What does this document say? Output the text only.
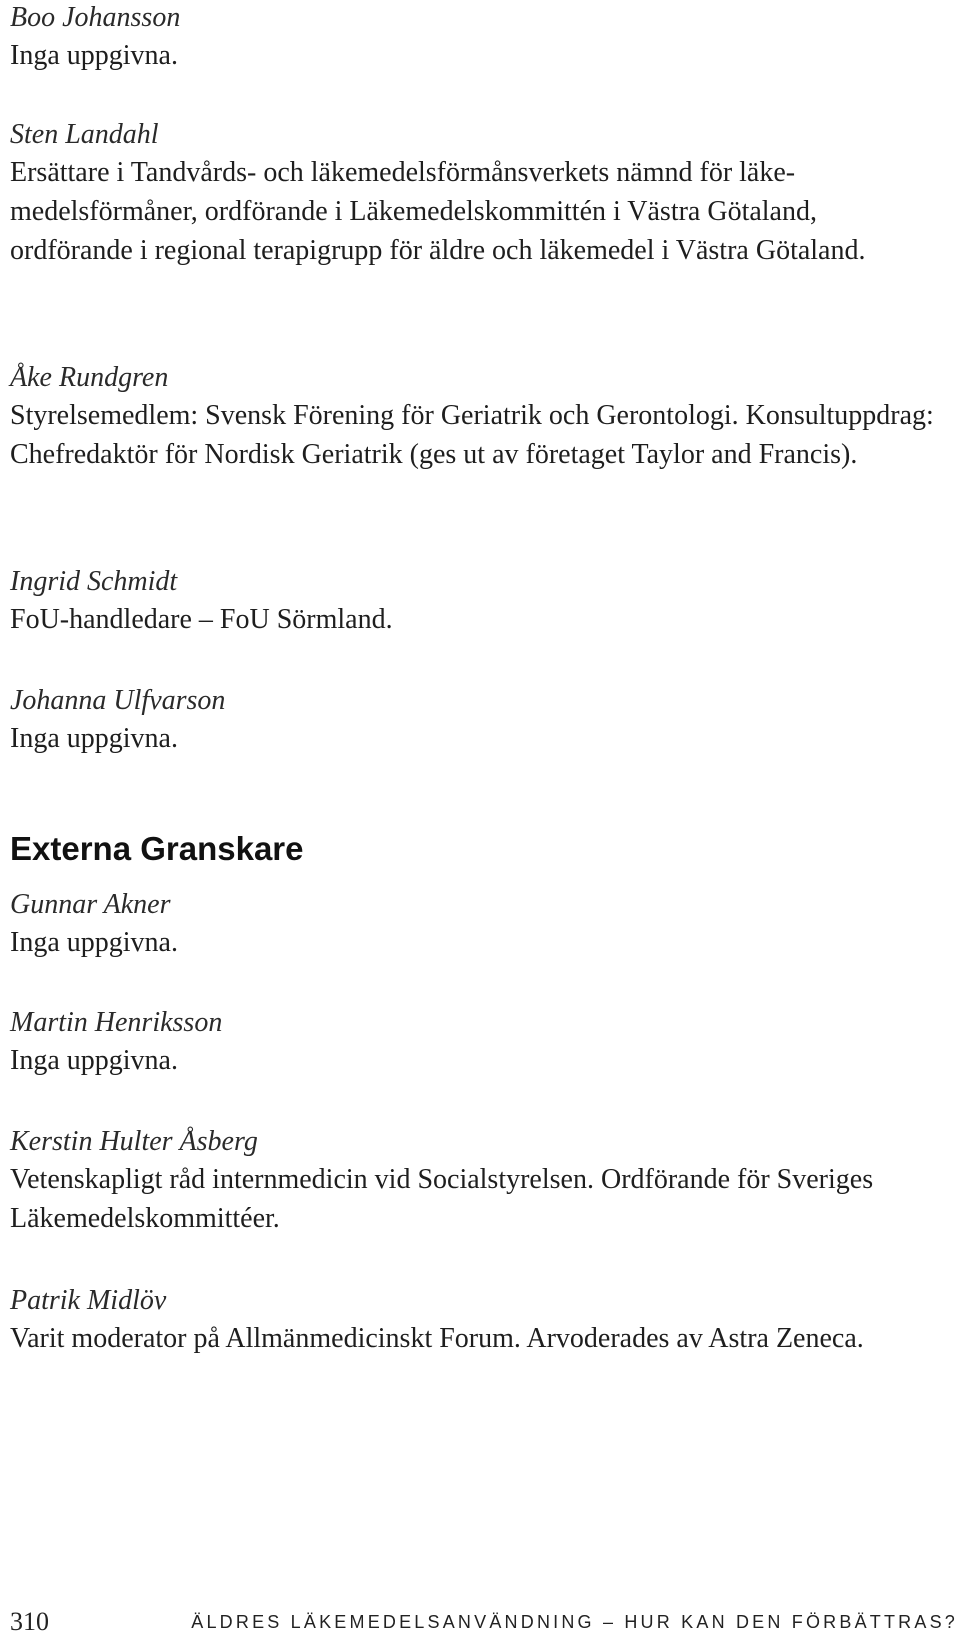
Boo Johansson
Inga uppgivna.
Sten Landahl
Ersättare i Tandvårds- och läkemedelsförmånsverkets nämnd för läkemedelsförmåner, ordförande i Läkemedelskommittén i Västra Götaland, ordförande i regional terapigrupp för äldre och läkemedel i Västra Götaland.
Åke Rundgren
Styrelsemedlem: Svensk Förening för Geriatrik och Gerontologi. Konsultuppdrag: Chefredaktör för Nordisk Geriatrik (ges ut av företaget Taylor and Francis).
Ingrid Schmidt
FoU-handledare – FoU Sörmland.
Johanna Ulfvarson
Inga uppgivna.
Externa Granskare
Gunnar Akner
Inga uppgivna.
Martin Henriksson
Inga uppgivna.
Kerstin Hulter Åsberg
Vetenskapligt råd internmedicin vid Socialstyrelsen. Ordförande för Sveriges Läkemedelskommittéer.
Patrik Midlöv
Varit moderator på Allmänmedicinskt Forum. Arvoderades av Astra Zeneca.
310	ÄLDRES LÄKEMEDELSANVÄNDNING – HUR KAN DEN FÖRBÄTTRAS?
